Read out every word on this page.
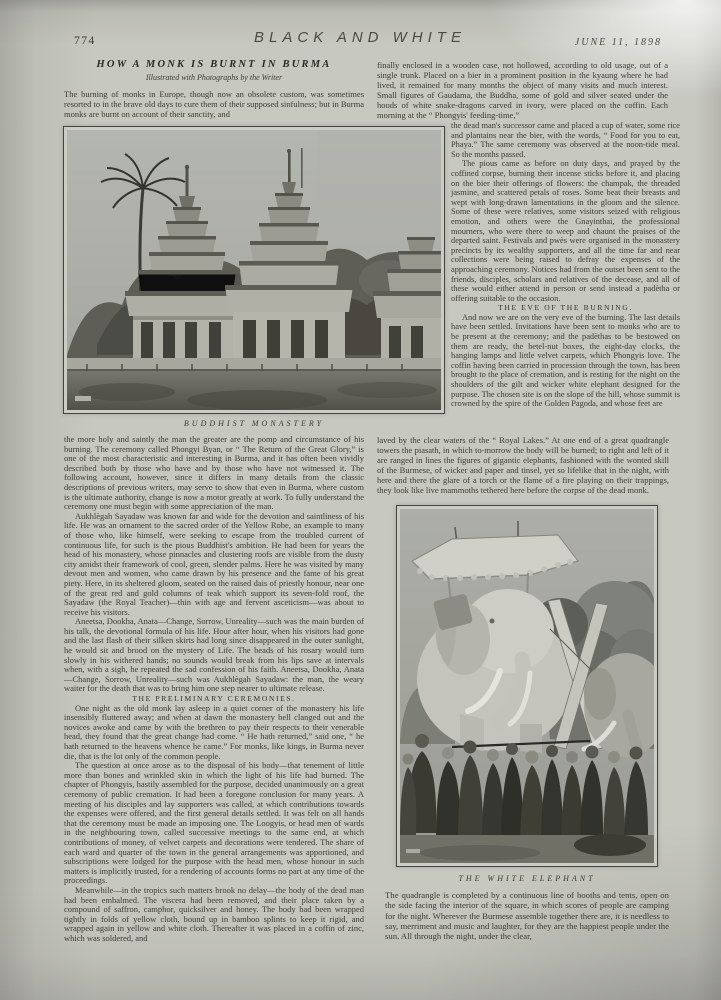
774	BLACK AND WHITE	JUNE 11, 1898
HOW A MONK IS BURNT IN BURMA
Illustrated with Photographs by the Writer

The burning of monks in Europe, though now an obsolete custom, was sometimes resorted to in the brave old days to cure them of their supposed sinfulness; but in Burma monks are burnt on account of their sanctity, and

BUDDHIST MONASTERY

the more holy and saintly the man the greater are the pomp and circumstance of his burning. The ceremony called Phongyi Byan, or “ The Return of the Great Glory,” is one of the most characteristic and interesting in Burma, and it has often been vividly described both by those who have and by those who have not witnessed it. The following account, however, since it differs in many details from the classic descriptions of previous writers, may serve to show that even in Burma, where custom is the ultimate authority, change is now a motor greatly at work. To fully understand the ceremony one must begin with some appreciation of the man.

Aukhlègah Sayadaw was known far and wide for the devotion and saintliness of his life. He was an ornament to the sacred order of the Yellow Robe, an example to many of those who, like himself, were seeking to escape from the troubled current of continuous life, for such is the pious Buddhist's ambition. He had been for years the head of his monastery, whose pinnacles and clustering roofs are visible from the dusty city amidst their framework of cool, green, slender palms. Here he was visited by many devout men and women, who came drawn by his presence and the fame of his great piety. Here, in its sheltered gloom, seated on the raised dais of priestly honour, near one of the great red and gold columns of teak which support its seven-fold roof, the Sayadaw (the Royal Teacher)—thin with age and fervent asceticism—was about to receive his visitors.

Aneetsa, Dookha, Anata—Change, Sorrow, Unreality—such was the main burden of his talk, the devotional formula of his life. Hour after hour, when his visitors had gone and the last flash of their silken skirts had long since disappeared in the outer sunlight, he would sit and brood on the mystery of Life. The beads of his rosary would turn slowly in his withered hands; no sounds would break from his lips save at intervals when, with a sigh, he repeated the sad confession of his faith. Aneetsa, Dookha, Anata—Change, Sorrow, Unreality—such was Aukhlègah Sayadaw: the man, the weary waiter for the death that was to bring him one step nearer to ultimate release.

THE PRELIMINARY CEREMONIES.

One night as the old monk lay asleep in a quiet corner of the monastery his life insensibly fluttered away; and when at dawn the monastery bell clanged out and the novices awoke and came by with the brethren to pay their respects to their venerable head, they found that the great change had come. “ He hath returned,” said one, “ he hath returned to the heavens whence he came.” For monks, like kings, in Burma never die, that is the lot only of the common people.

The question at once arose as to the disposal of his body—that tenement of little more than bones and wrinkled skin in which the light of his life had burned. The chapter of Phongyis, hastily assembled for the purpose, decided unanimously on a great ceremony of public cremation. It had been a foregone conclusion for many years. A meeting of his disciples and lay supporters was called, at which contributions towards the expenses were offered, and the first general details settled. It was felt on all hands that the ceremony must be made an imposing one. The Loogyis, or head men of wards in the neighbouring town, called successive meetings to the same end, at which contributions of money, of velvet carpets and decorations were tendered. The share of each ward and quarter of the town in the general arrangements was apportioned, and subscriptions were lodged for the purpose with the head men, whose honour in such matters is implicitly trusted, for a rendering of accounts forms no part at any time of the proceedings.

Meanwhile—in the tropics such matters brook no delay—the body of the dead man had been embalmed. The viscera had been removed, and their place taken by a compound of saffron, camphor, quicksilver and honey. The body had been wrapped tightly in folds of yellow cloth, bound up in bamboo splints to keep it rigid, and wrapped again in yellow and white cloth. Thereafter it was placed in a coffin of zinc, which was soldered, and

finally enclosed in a wooden case, not hollowed, according to old usage, out of a single trunk. Placed on a bier in a prominent position in the kyaung where he had lived, it remained for many months the object of many visits and much interest. Small figures of Gaudama, the Buddha, some of gold and silver seated under the hoods of white snake-dragons carved in ivory, were placed on the coffin. Each morning at the “ Phongyis' feeding-time,”

the dead man's successor came and placed a cup of water, some rice and plantains near the bier, with the words, “ Food for you to eat, Phaya.” The same ceremony was observed at the noon-tide meal. So the months passed.

The pious came as before on duty days, and prayed by the coffined corpse, burning their incense sticks before it, and placing on the bier their offerings of flowers: the champak, the threaded jasmine, and scattered petals of roses. Some beat their breasts and wept with long-drawn lamentations in the gloom and the silence. Some of these were relatives, some visitors seized with religious emotion, and others were the Gnayinthai, the professional mourners, who were there to weep and chaunt the praises of the departed saint. Festivals and pwès were organised in the monastery precincts by its wealthy supporters, and all the time far and near collections were being raised to defray the expenses of the approaching ceremony. Notices had from the outset been sent to the friends, disciples, scholars and relatives of the decease, and all of these would either attend in person or send instead a padètha or offering suitable to the occasion.

THE EVE OF THE BURNING.

And now we are on the very eve of the burning. The last details have been settled. Invitations have been sent to monks who are to be present at the ceremony; and the padèthas to be bestowed on them are ready, the betel-nut boxes, the eight-day clocks, the hanging lamps and little velvet carpets, which Phongyis love. The coffin having been carried in procession through the town, has been brought to the place of cremation, and is resting for the night on the shoulders of the gilt and wicker white elephant designed for the purpose. The chosen site is on the slope of the hill, whose summit is crowned by the spire of the Golden Pagoda, and whose feet are

laved by the clear waters of the “ Royal Lakes.” At one end of a great quadrangle towers the piasath, in which to-morrow the body will be burned; to right and left of it are ranged in lines the figures of gigantic elephants, fashioned with the wonted skill of the Burmese, of wicker and paper and tinsel, yet so lifelike that in the night, with here and there the glare of a torch or the flame of a fire playing on their trappings, they look like live mammoths tethered here before the corpse of the dead monk.

THE WHITE ELEPHANT

The quadrangle is completed by a continuous line of booths and tents, open on the side facing the interior of the square, in which scores of people are camping for the night. Wherever the Burmese assemble together there are, it is needless to say, merriment and music and laughter, for they are the happiest people under the sun. All through the night, under the clear,
